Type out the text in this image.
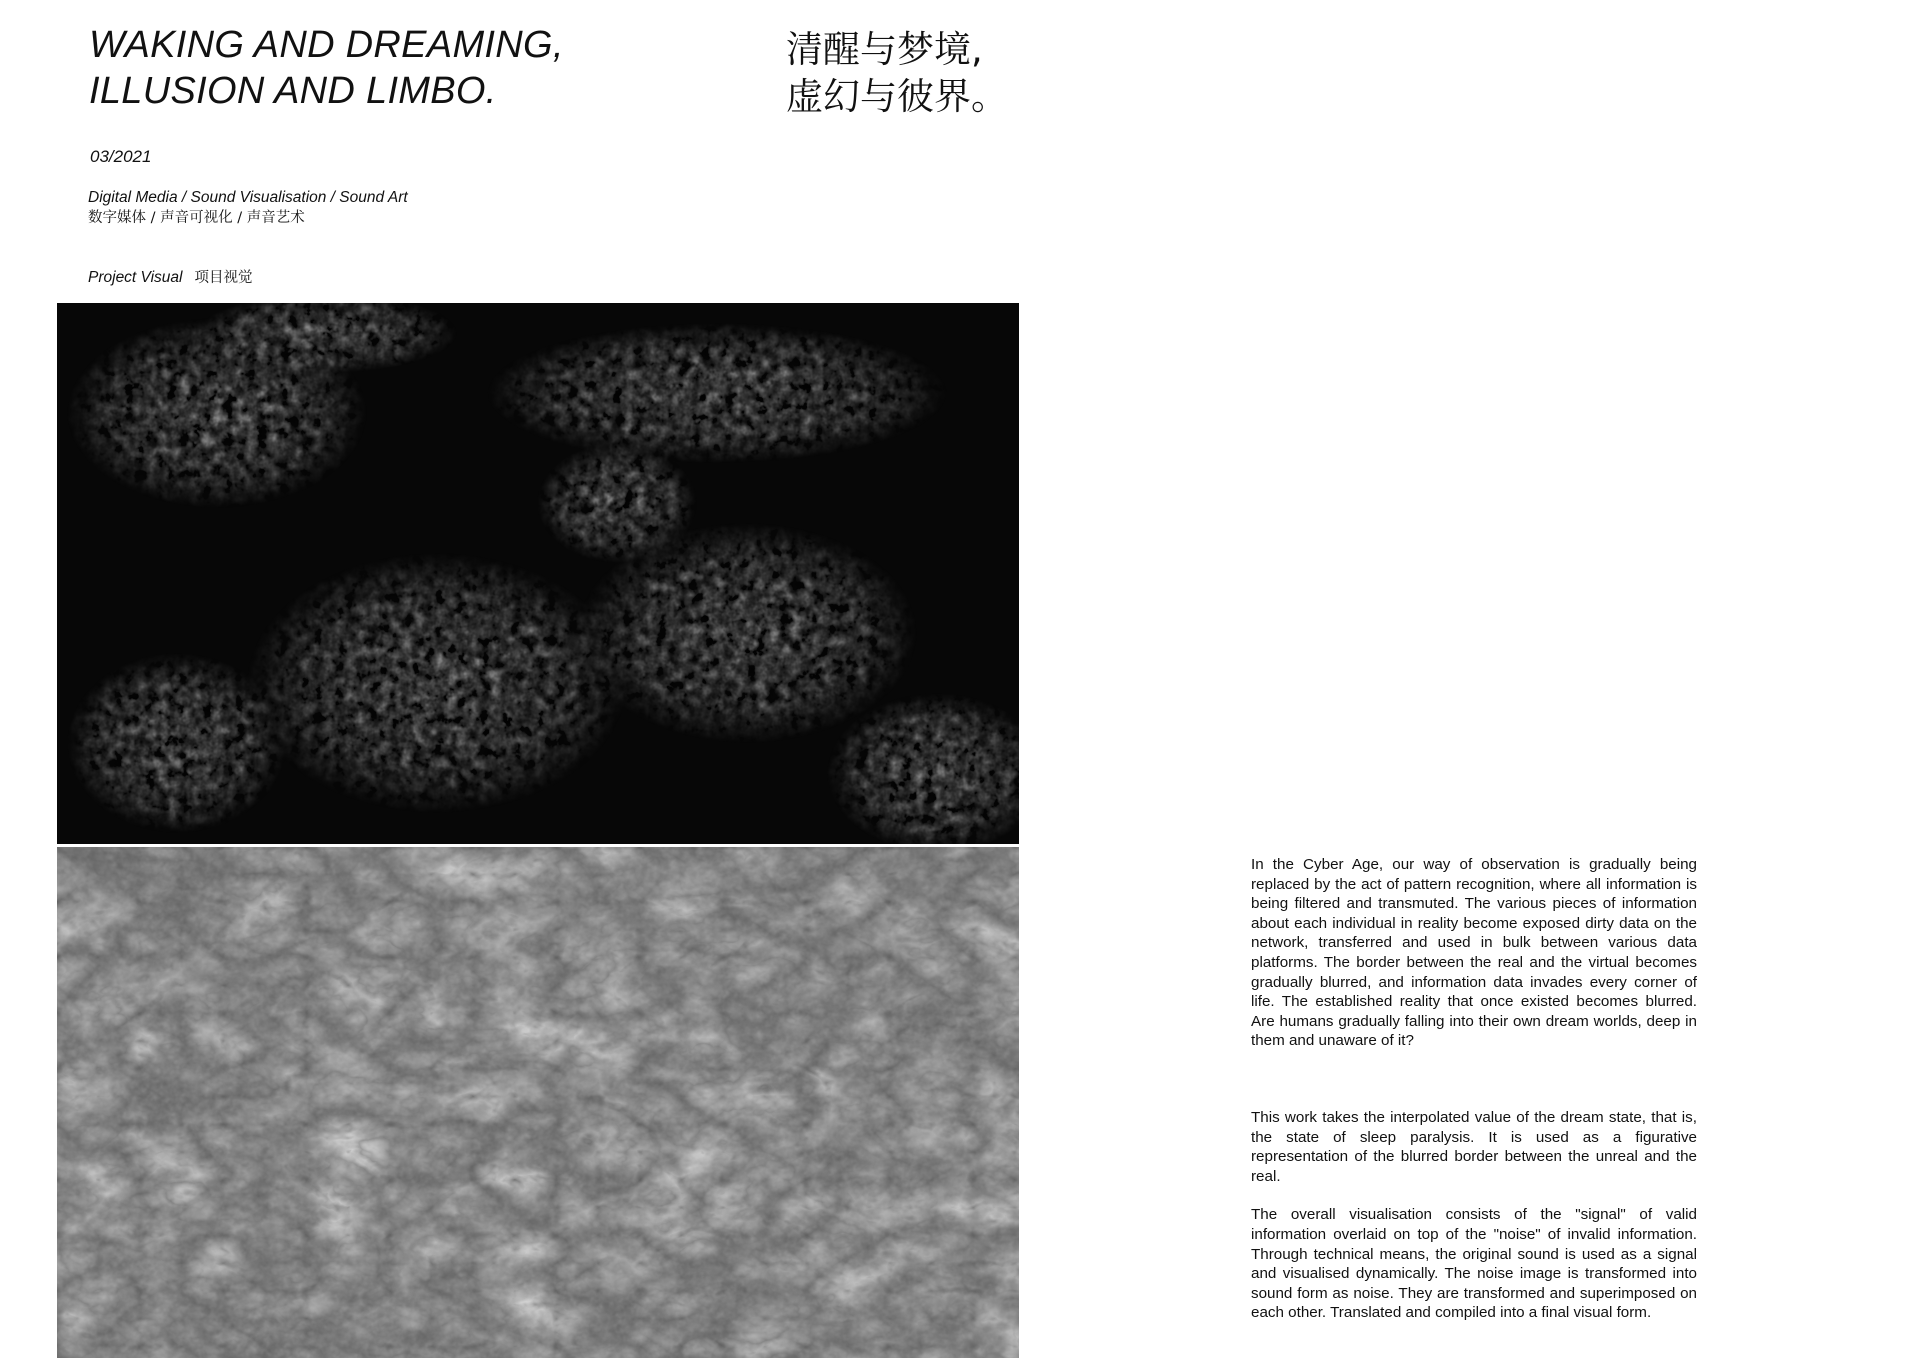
WAKING AND DREAMING,
ILLUSION AND LIMBO.
清醒与梦境,
虚幻与彼界。
03/2021
Digital Media / Sound Visualisation / Sound Art
数字媒体 / 声音可视化 / 声音艺术
Project Visual 项目视觉

In the Cyber Age, our way of observation is gradually being replaced by the act of pattern recognition, where all information is being filtered and transmuted. The various pieces of information about each individual in reality become exposed dirty data on the network, transferred and used in bulk between various data platforms. The border between the real and the virtual becomes gradually blurred, and information data invades every corner of life. The established reality that once existed becomes blurred. Are humans gradually falling into their own dream worlds, deep in them and unaware of it?

This work takes the interpolated value of the dream state, that is, the state of sleep paralysis. It is used as a figurative representation of the blurred border between the unreal and the real.

The overall visualisation consists of the "signal" of valid information overlaid on top of the "noise" of invalid information. Through technical means, the original sound is used as a signal and visualised dynamically. The noise image is transformed into sound form as noise. They are transformed and superimposed on each other. Translated and compiled into a final visual form.
